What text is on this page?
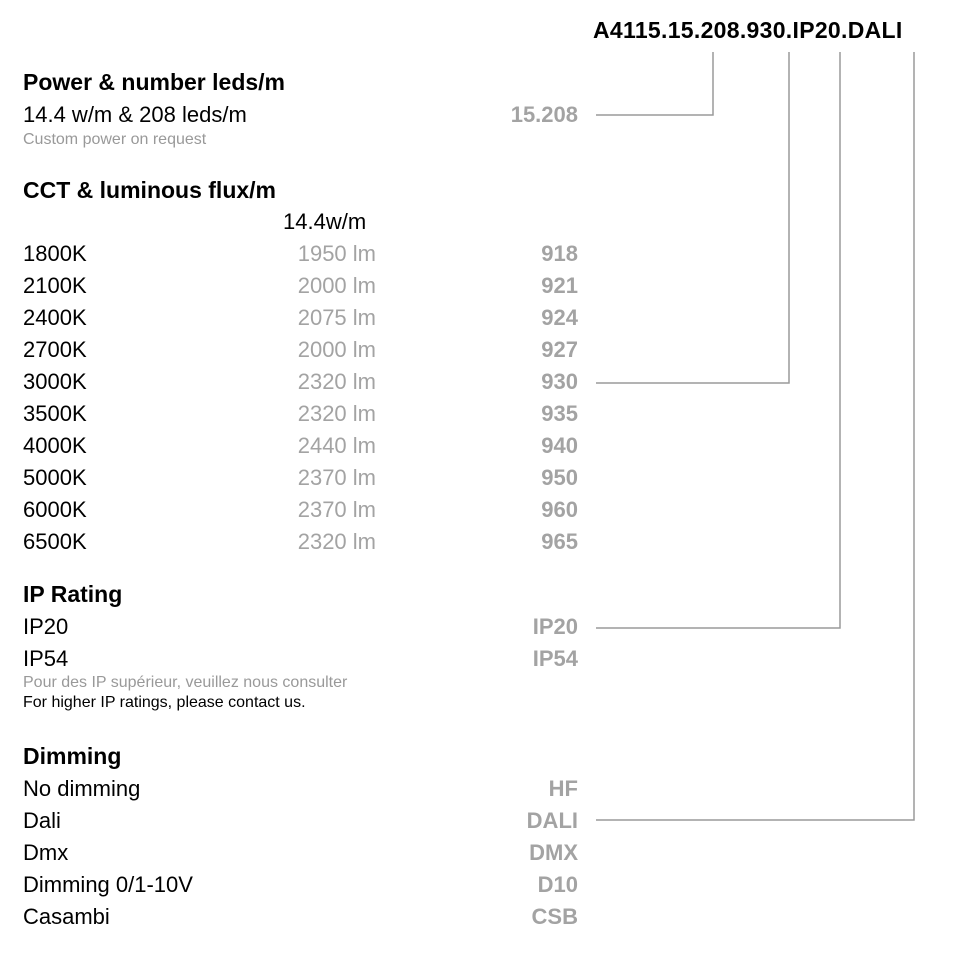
A4115.15.208.930.IP20.DALI
Power & number leds/m
14.4 w/m & 208 leds/m	15.208
Custom power on request
CCT & luminous flux/m
14.4w/m
1800K	1950 lm	918
2100K	2000 lm	921
2400K	2075 lm	924
2700K	2000 lm	927
3000K	2320 lm	930
3500K	2320 lm	935
4000K	2440 lm	940
5000K	2370 lm	950
6000K	2370 lm	960
6500K	2320 lm	965
IP Rating
IP20	IP20
IP54	IP54
Pour des IP supérieur, veuillez nous consulter
For higher IP ratings, please contact us.
Dimming
No dimming	HF
Dali	DALI
Dmx	DMX
Dimming 0/1-10V	D10
Casambi	CSB
